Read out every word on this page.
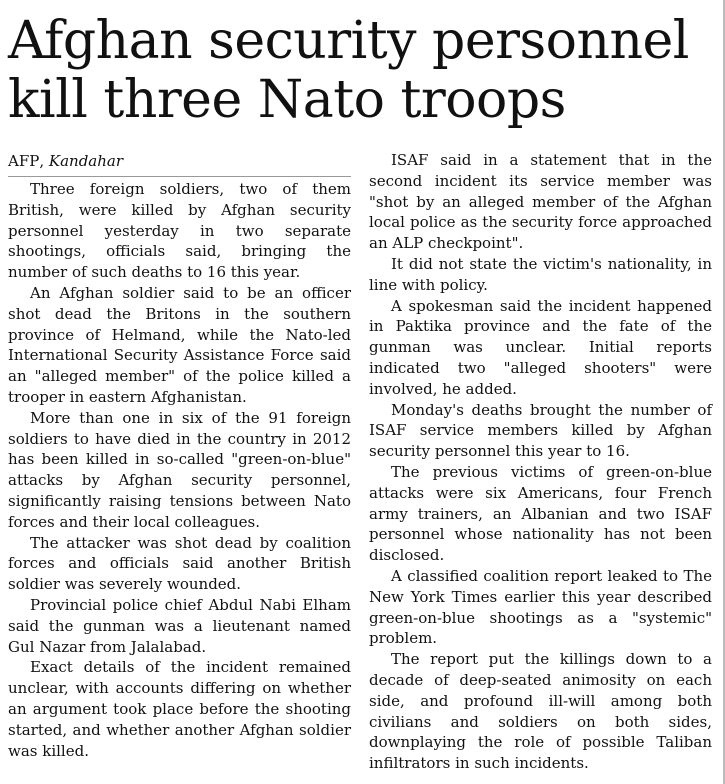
Afghan security personnel kill three Nato troops
AFP, Kandahar

Three foreign soldiers, two of them British, were killed by Afghan security personnel yesterday in two separate shootings, officials said, bringing the number of such deaths to 16 this year.

An Afghan soldier said to be an officer shot dead the Britons in the southern province of Helmand, while the Nato-led International Security Assistance Force said an "alleged member" of the police killed a trooper in eastern Afghanistan.

More than one in six of the 91 foreign soldiers to have died in the country in 2012 has been killed in so-called "green-on-blue" attacks by Afghan security personnel, significantly raising tensions between Nato forces and their local colleagues.

The attacker was shot dead by coalition forces and officials said another British soldier was severely wounded.

Provincial police chief Abdul Nabi Elham said the gunman was a lieutenant named Gul Nazar from Jalalabad.

Exact details of the incident remained unclear, with accounts differing on whether an argument took place before the shooting started, and whether another Afghan soldier was killed.

ISAF said in a statement that in the second incident its service member was "shot by an alleged member of the Afghan local police as the security force approached an ALP checkpoint".

It did not state the victim's nationality, in line with policy.

A spokesman said the incident happened in Paktika province and the fate of the gunman was unclear. Initial reports indicated two "alleged shooters" were involved, he added.

Monday's deaths brought the number of ISAF service members killed by Afghan security personnel this year to 16.

The previous victims of green-on-blue attacks were six Americans, four French army trainers, an Albanian and two ISAF personnel whose nationality has not been disclosed.

A classified coalition report leaked to The New York Times earlier this year described green-on-blue shootings as a "systemic" problem.

The report put the killings down to a decade of deep-seated animosity on each side, and profound ill-will among both civilians and soldiers on both sides, downplaying the role of possible Taliban infiltrators in such incidents.
